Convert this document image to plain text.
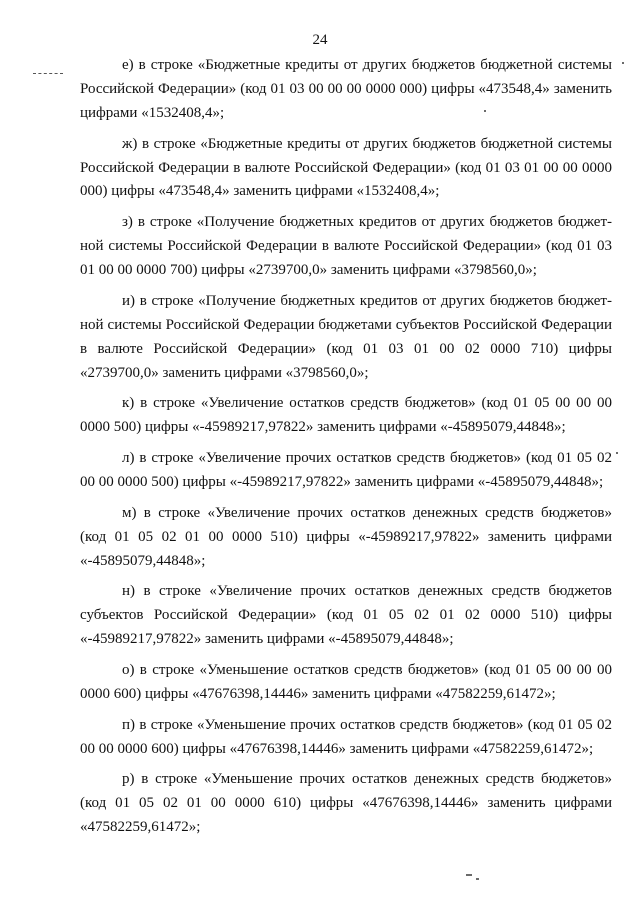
24

е) в строке «Бюджетные кредиты от других бюджетов бюджетной системы Российской Федерации» (код 01 03 00 00 00 0000 000) цифры «473548,4» заменить цифрами «1532408,4»;

ж) в строке «Бюджетные кредиты от других бюджетов бюджетной системы Российской Федерации в валюте Российской Федерации» (код 01 03 01 00 00 0000 000) цифры «473548,4» заменить цифрами «1532408,4»;

з) в строке «Получение бюджетных кредитов от других бюджетов бюджетной системы Российской Федерации в валюте Российской Федерации» (код 01 03 01 00 00 0000 700) цифры «2739700,0» заменить цифрами «3798560,0»;

и) в строке «Получение бюджетных кредитов от других бюджетов бюджетной системы Российской Федерации бюджетами субъектов Российской Федерации в валюте Российской Федерации» (код 01 03 01 00 02 0000 710) цифры «2739700,0» заменить цифрами «3798560,0»;

к) в строке «Увеличение остатков средств бюджетов» (код 01 05 00 00 00 0000 500) цифры «-45989217,97822» заменить цифрами «-45895079,44848»;

л) в строке «Увеличение прочих остатков средств бюджетов» (код 01 05 02 00 00 0000 500) цифры «-45989217,97822» заменить цифрами «-45895079,44848»;

м) в строке «Увеличение прочих остатков денежных средств бюджетов» (код 01 05 02 01 00 0000 510) цифры «-45989217,97822» заменить цифрами «-45895079,44848»;

н) в строке «Увеличение прочих остатков денежных средств бюджетов субъектов Российской Федерации» (код 01 05 02 01 02 0000 510) цифры «-45989217,97822» заменить цифрами «-45895079,44848»;

о) в строке «Уменьшение остатков средств бюджетов» (код 01 05 00 00 00 0000 600) цифры «47676398,14446» заменить цифрами «47582259,61472»;

п) в строке «Уменьшение прочих остатков средств бюджетов» (код 01 05 02 00 00 0000 600) цифры «47676398,14446» заменить цифрами «47582259,61472»;

р) в строке «Уменьшение прочих остатков денежных средств бюджетов» (код 01 05 02 01 00 0000 610) цифры «47676398,14446» заменить цифрами «47582259,61472»;
